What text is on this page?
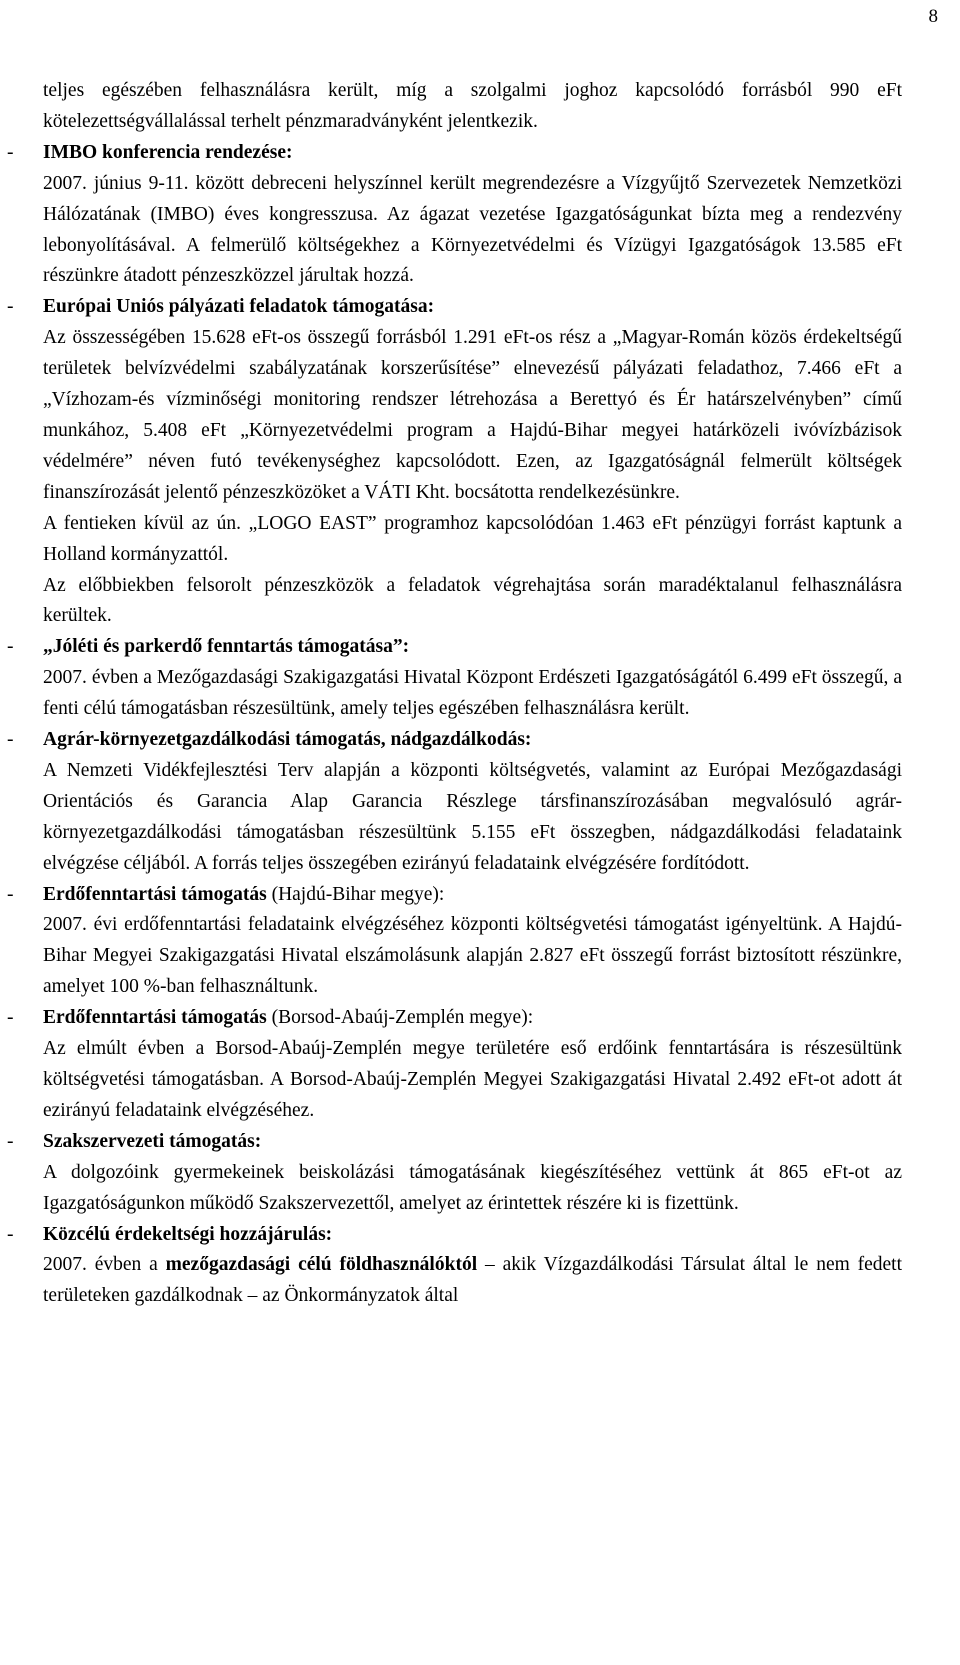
8

teljes egészében felhasználásra került, míg a szolgalmi joghoz kapcsolódó forrásból 990 eFt kötelezettségvállalással terhelt pénzmaradványként jelentkezik.

-	IMBO konferencia rendezése:

2007. június 9-11. között debreceni helyszínnel került megrendezésre a Vízgyűjtő Szervezetek Nemzetközi Hálózatának (IMBO) éves kongresszusa. Az ágazat vezetése Igazgatóságunkat bízta meg a rendezvény lebonyolításával. A felmerülő költségekhez a Környezetvédelmi és Vízügyi Igazgatóságok 13.585 eFt részünkre átadott pénzeszközzel járultak hozzá.

-	Európai Uniós pályázati feladatok támogatása:

Az összességében 15.628 eFt-os összegű forrásból 1.291 eFt-os rész a „Magyar-Román közös érdekeltségű területek belvízvédelmi szabályzatának korszerűsítése” elnevezésű pályázati feladathoz, 7.466 eFt a „Vízhozam-és vízminőségi monitoring rendszer létrehozása a Berettyó és Ér határszelvényben” című munkához, 5.408 eFt „Környezetvédelmi program a Hajdú-Bihar megyei határközeli ivóvízbázisok védelmére” néven futó tevékenységhez kapcsolódott. Ezen, az Igazgatóságnál felmerült költségek finanszírozását jelentő pénzeszközöket a VÁTI Kht. bocsátotta rendelkezésünkre.

A fentieken kívül az ún. „LOGO EAST” programhoz kapcsolódóan 1.463 eFt pénzügyi forrást kaptunk a Holland kormányzattól.

Az előbbiekben felsorolt pénzeszközök a feladatok végrehajtása során maradéktalanul felhasználásra kerültek.

-	„Jóléti és parkerdő fenntartás támogatása”:

2007. évben a Mezőgazdasági Szakigazgatási Hivatal Központ Erdészeti Igazgatóságától 6.499 eFt összegű, a fenti célú támogatásban részesültünk, amely teljes egészében felhasználásra került.

-	Agrár-környezetgazdálkodási támogatás, nádgazdálkodás:

A Nemzeti Vidékfejlesztési Terv alapján a központi költségvetés, valamint az Európai Mezőgazdasági Orientációs és Garancia Alap Garancia Részlege társfinanszírozásában megvalósuló agrár-környezetgazdálkodási támogatásban részesültünk 5.155 eFt összegben, nádgazdálkodási feladataink elvégzése céljából. A forrás teljes összegében ezirányú feladataink elvégzésére fordítódott.

-	Erdőfenntartási támogatás (Hajdú-Bihar megye):

2007. évi erdőfenntartási feladataink elvégzéséhez központi költségvetési támogatást igényeltünk. A Hajdú-Bihar Megyei Szakigazgatási Hivatal elszámolásunk alapján 2.827 eFt összegű forrást biztosított részünkre, amelyet 100 %-ban felhasználtunk.

-	Erdőfenntartási támogatás (Borsod-Abaúj-Zemplén megye):

Az elmúlt évben a Borsod-Abaúj-Zemplén megye területére eső erdőink fenntartására is részesültünk költségvetési támogatásban. A Borsod-Abaúj-Zemplén Megyei Szakigazgatási Hivatal 2.492 eFt-ot adott át ezirányú feladataink elvégzéséhez.

-	Szakszervezeti támogatás:

A dolgozóink gyermekeinek beiskolázási támogatásának kiegészítéséhez vettünk át 865 eFt-ot az Igazgatóságunkon működő Szakszervezettől, amelyet az érintettek részére ki is fizettünk.

-	Közcélú érdekeltségi hozzájárulás:

2007. évben a mezőgazdasági célú földhasználóktól – akik Vízgazdálkodási Társulat által le nem fedett területeken gazdálkodnak – az Önkormányzatok által
